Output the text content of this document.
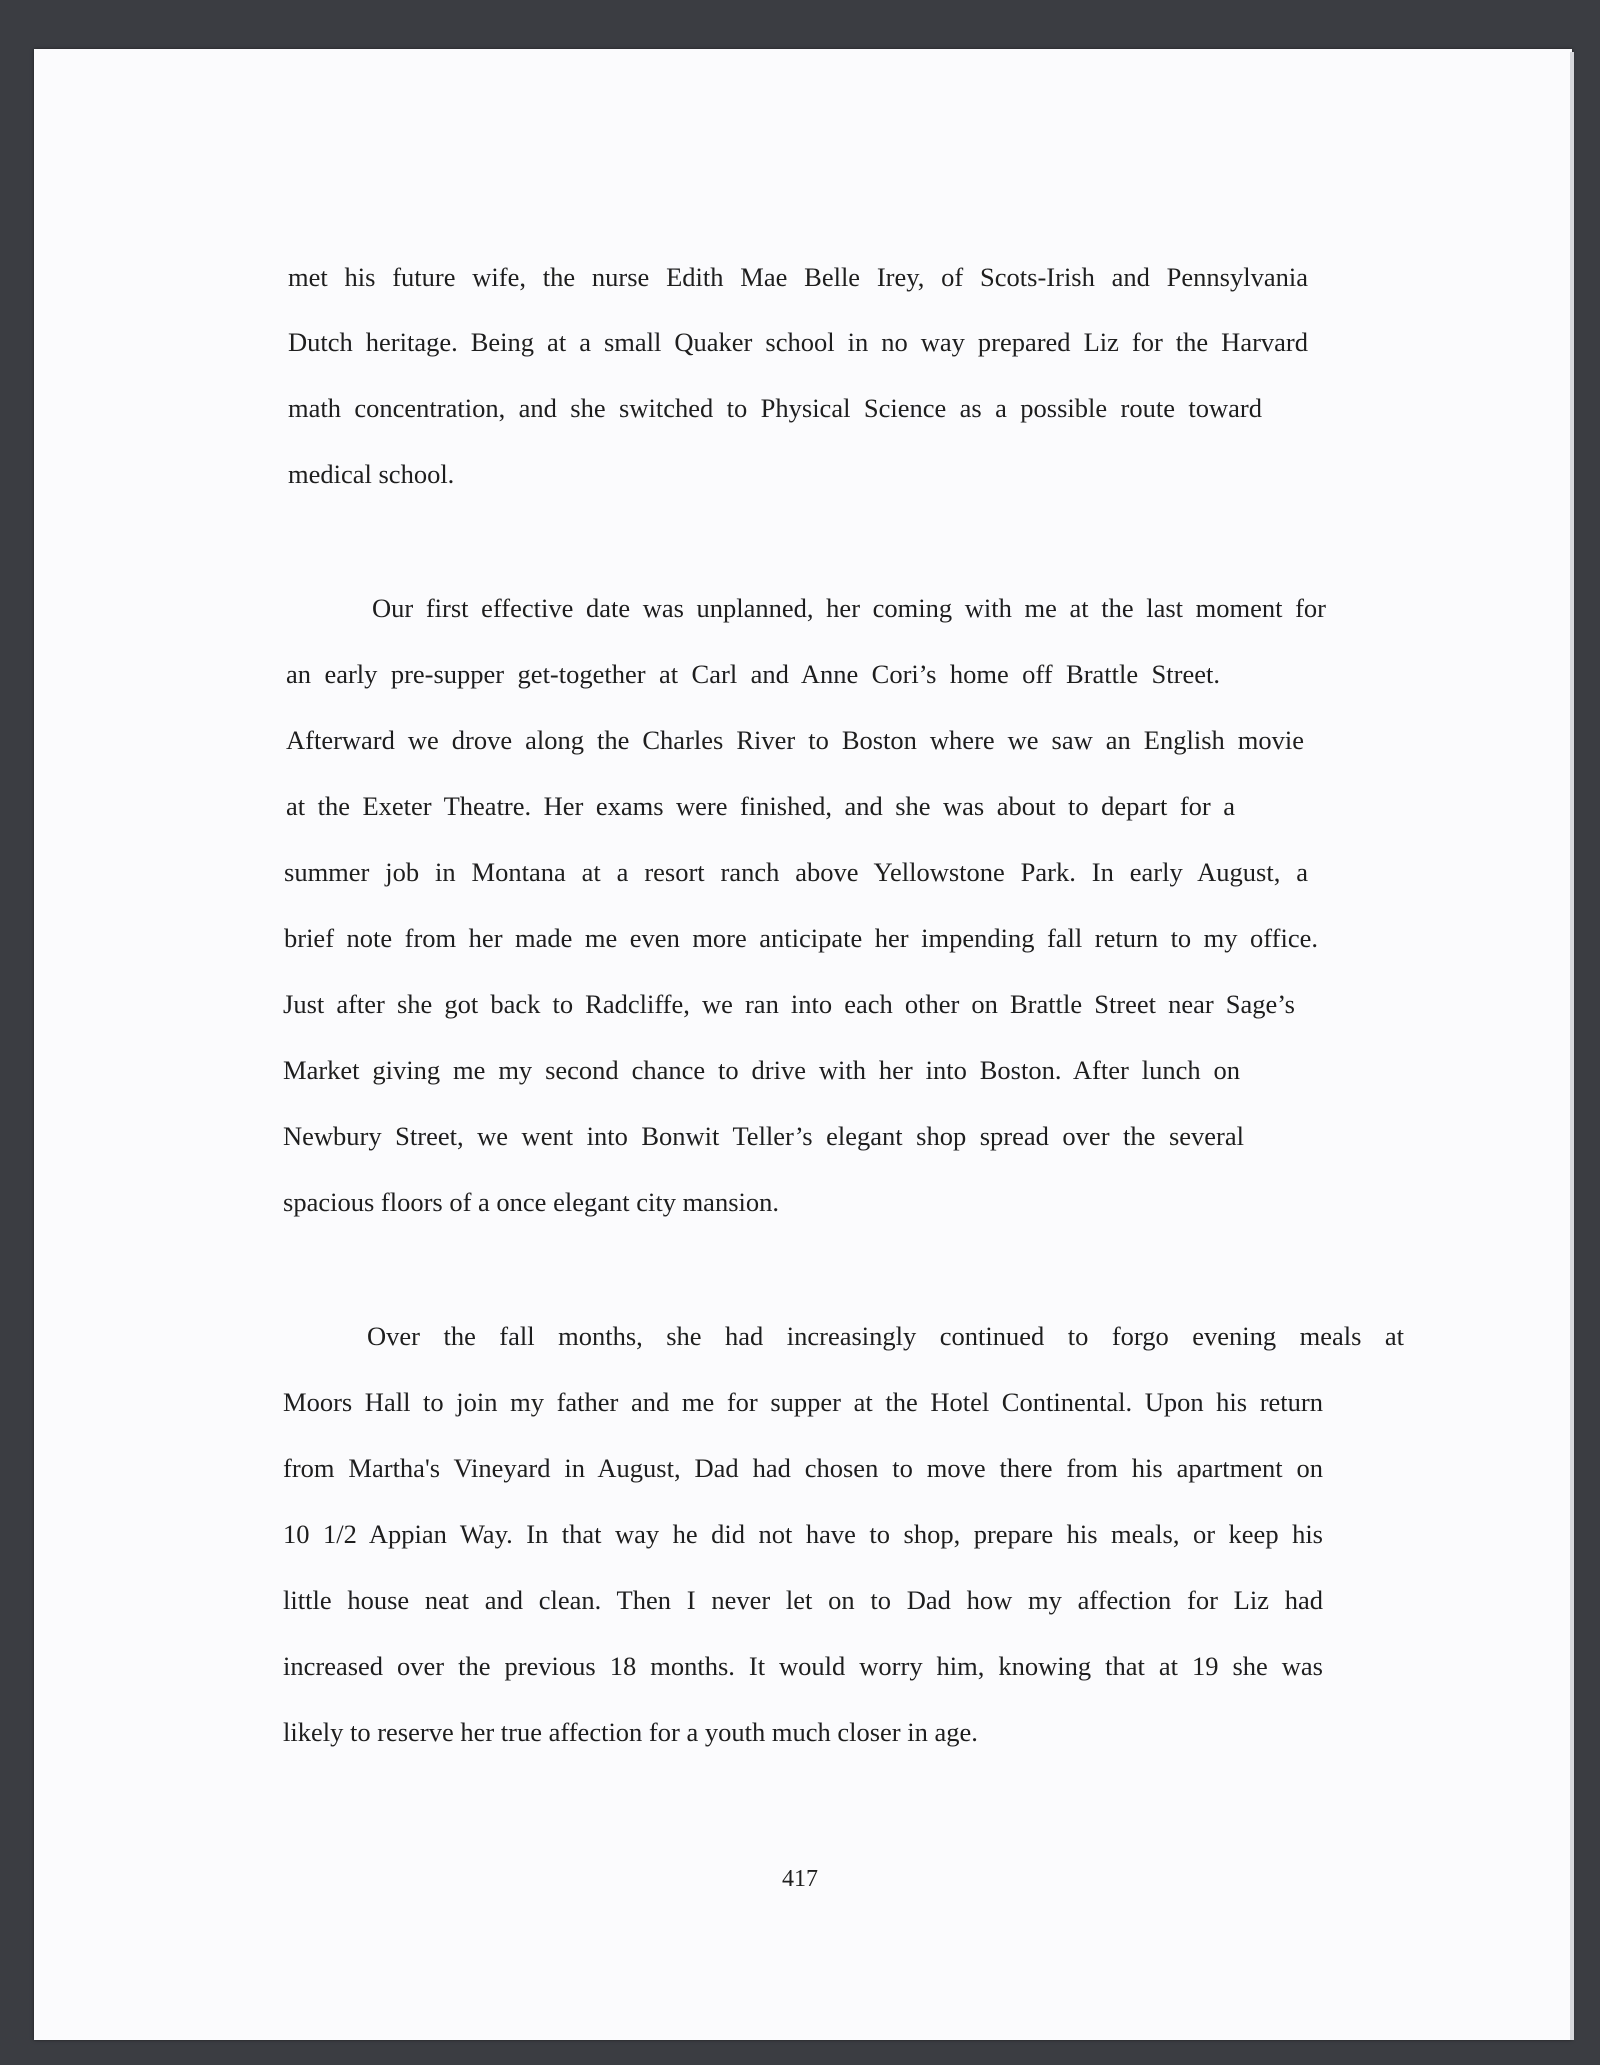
met his future wife, the nurse Edith Mae Belle Irey, of Scots-Irish and Pennsylvania
Dutch heritage. Being at a small Quaker school in no way prepared Liz for the Harvard
math concentration, and she switched to Physical Science as a possible route toward
medical school.
Our first effective date was unplanned, her coming with me at the last moment for
an early pre-supper get-together at Carl and Anne Cori’s home off Brattle Street.
Afterward we drove along the Charles River to Boston where we saw an English movie
at the Exeter Theatre. Her exams were finished, and she was about to depart for a
summer job in Montana at a resort ranch above Yellowstone Park. In early August, a
brief note from her made me even more anticipate her impending fall return to my office.
Just after she got back to Radcliffe, we ran into each other on Brattle Street near Sage’s
Market giving me my second chance to drive with her into Boston. After lunch on
Newbury Street, we went into Bonwit Teller’s elegant shop spread over the several
spacious floors of a once elegant city mansion.
Over the fall months, she had increasingly continued to forgo evening meals at
Moors Hall to join my father and me for supper at the Hotel Continental. Upon his return
from Martha's Vineyard in August, Dad had chosen to move there from his apartment on
10 1/2 Appian Way. In that way he did not have to shop, prepare his meals, or keep his
little house neat and clean. Then I never let on to Dad how my affection for Liz had
increased over the previous 18 months. It would worry him, knowing that at 19 she was
likely to reserve her true affection for a youth much closer in age.
417
